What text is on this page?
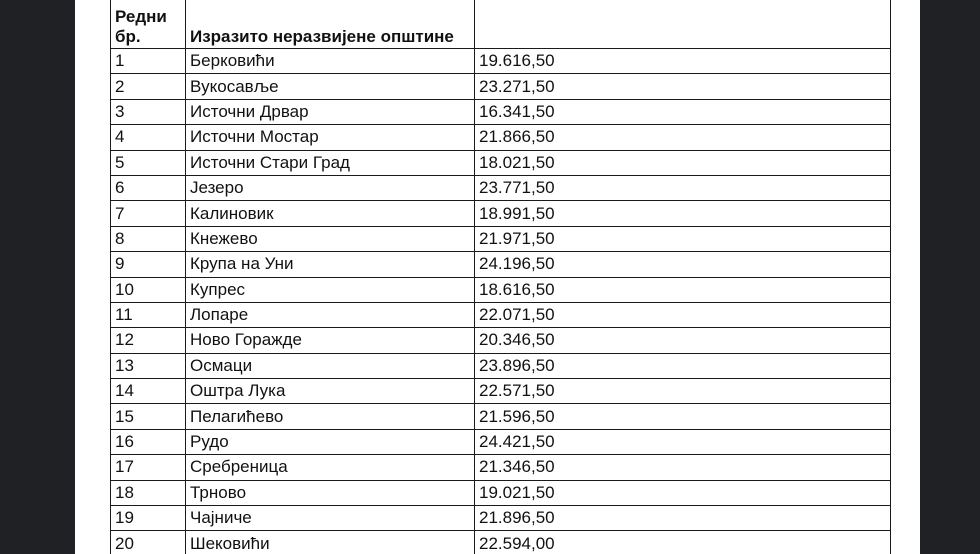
Редни
бр.	Изразито неразвијене општине	
1	Берковићи	19.616,50
2	Вукосавље	23.271,50
3	Источни Дрвар	16.341,50
4	Источни Мостар	21.866,50
5	Источни Стари Град	18.021,50
6	Језеро	23.771,50
7	Калиновик	18.991,50
8	Кнежево	21.971,50
9	Крупа на Уни	24.196,50
10	Купрес	18.616,50
11	Лопаре	22.071,50
12	Ново Горажде	20.346,50
13	Осмаци	23.896,50
14	Оштра Лука	22.571,50
15	Пелагићево	21.596,50
16	Рудо	24.421,50
17	Сребреница	21.346,50
18	Трново	19.021,50
19	Чајниче	21.896,50
20	Шековићи	22.594,00
